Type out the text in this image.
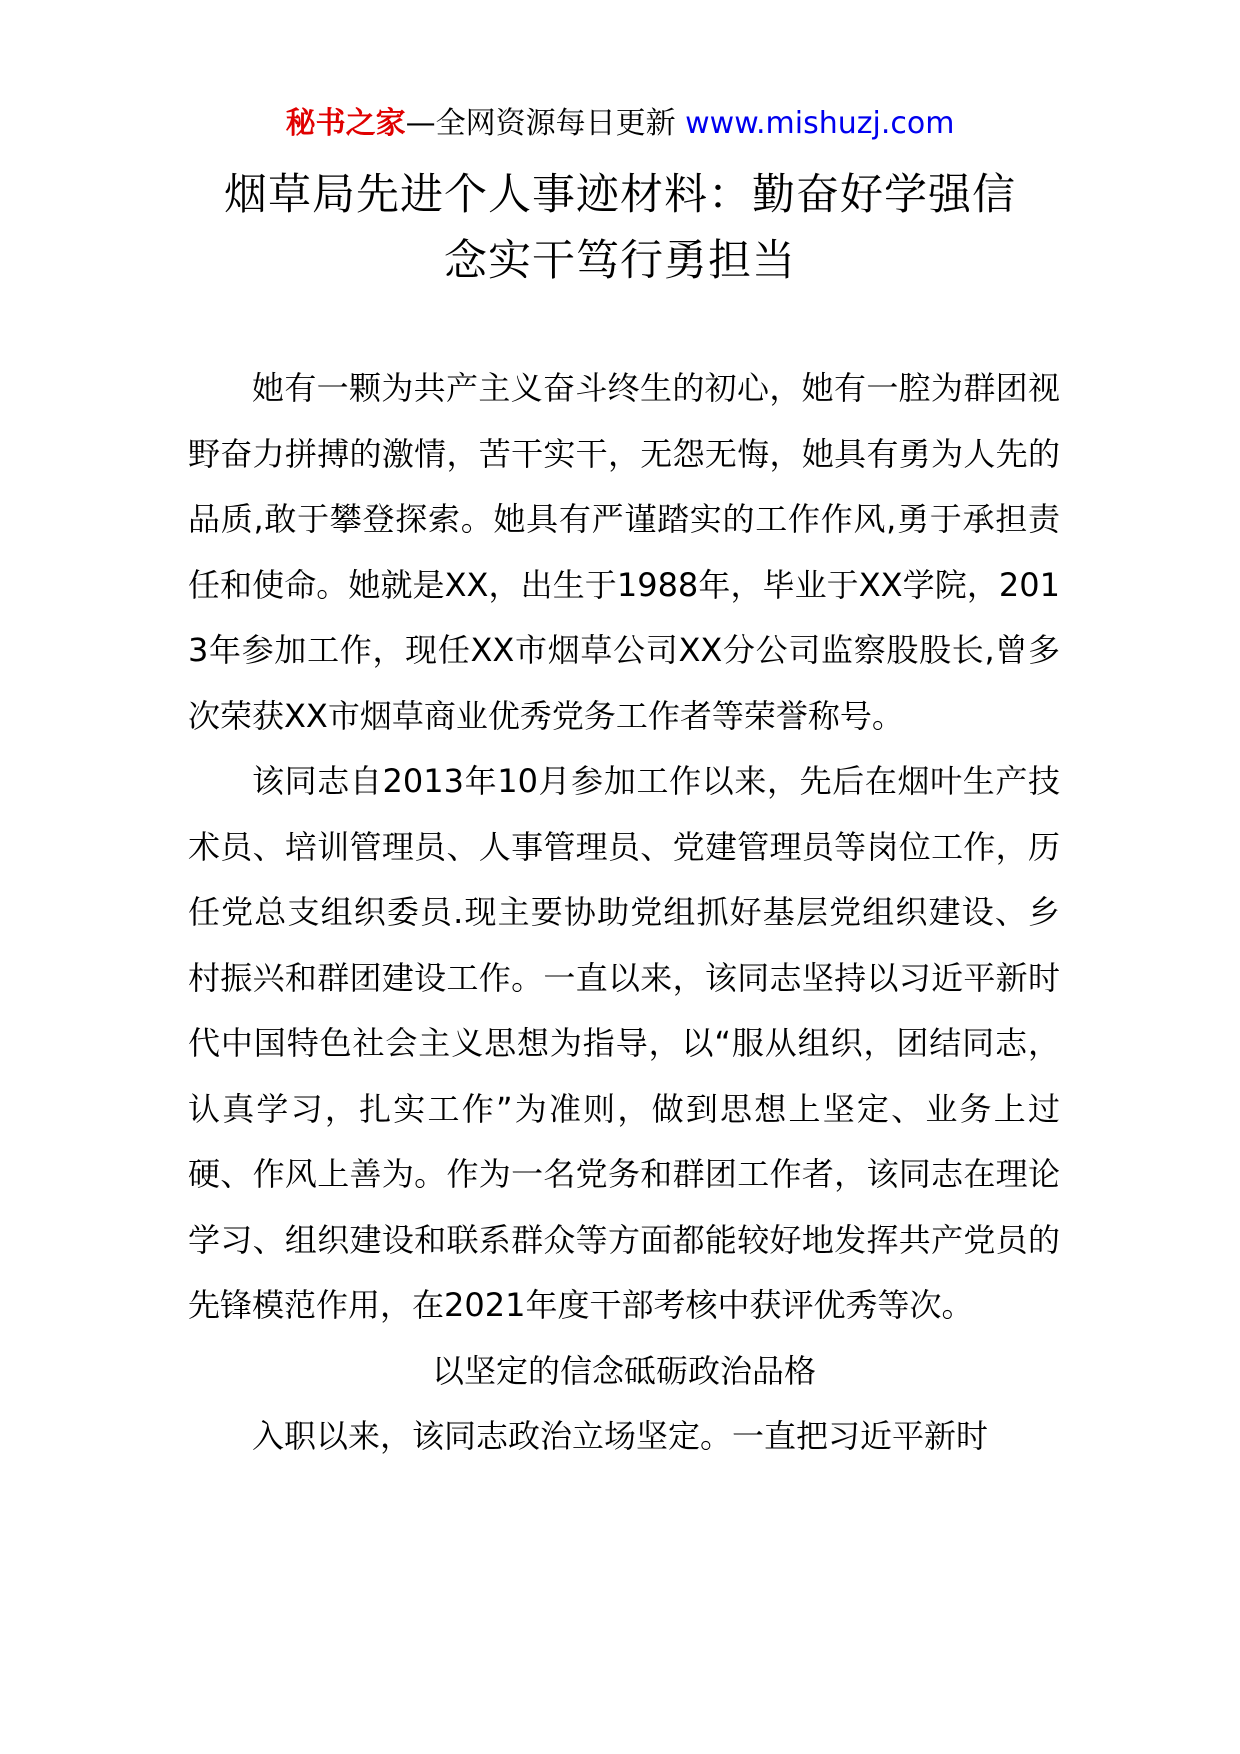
秘书之家—全网资源每日更新 www.mishuzj.com
烟草局先进个人事迹材料：勤奋好学强信
念实干笃行勇担当

她有一颗为共产主义奋斗终生的初心，她有一腔为群团视野奋力拼搏的激情，苦干实干，无怨无悔，她具有勇为人先的品质,敢于攀登探索。她具有严谨踏实的工作作风,勇于承担责任和使命。她就是XX，出生于1988年，毕业于XX学院，2013年参加工作，现任XX市烟草公司XX分公司监察股股长,曾多次荣获XX市烟草商业优秀党务工作者等荣誉称号。

该同志自2013年10月参加工作以来，先后在烟叶生产技术员、培训管理员、人事管理员、党建管理员等岗位工作，历任党总支组织委员.现主要协助党组抓好基层党组织建设、乡村振兴和群团建设工作。一直以来，该同志坚持以习近平新时代中国特色社会主义思想为指导，以“服从组织，团结同志，认真学习，扎实工作”为准则，做到思想上坚定、业务上过硬、作风上善为。作为一名党务和群团工作者，该同志在理论学习、组织建设和联系群众等方面都能较好地发挥共产党员的先锋模范作用，在2021年度干部考核中获评优秀等次。

以坚定的信念砥砺政治品格

入职以来，该同志政治立场坚定。一直把习近平新时
